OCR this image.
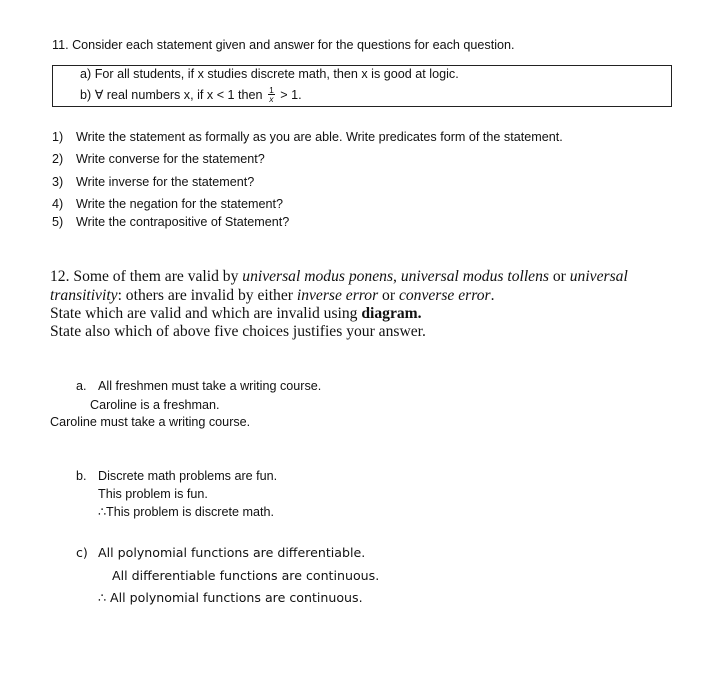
11. Consider each statement given and answer for the questions for each question.
a) For all students, if x studies discrete math, then x is good at logic.
b) ∀ real numbers x, if x < 1 then $\frac{1}{x} > 1$.
1) Write the statement as formally as you are able. Write predicates form of the statement.
2) Write converse for the statement?
3) Write inverse for the statement?
4) Write the negation for the statement?
5) Write the contrapositive of Statement?
12. Some of them are valid by universal modus ponens, universal modus tollens or universal
transitivity: others are invalid by either inverse error or converse error.
State which are valid and which are invalid using diagram.
State also which of above five choices justifies your answer.
a. All freshmen must take a writing course.
Caroline is a freshman.
Caroline must take a writing course.
b. Discrete math problems are fun.
This problem is fun.
∴This problem is discrete math.
c) All polynomial functions are differentiable.
All differentiable functions are continuous.
∴ All polynomial functions are continuous.
